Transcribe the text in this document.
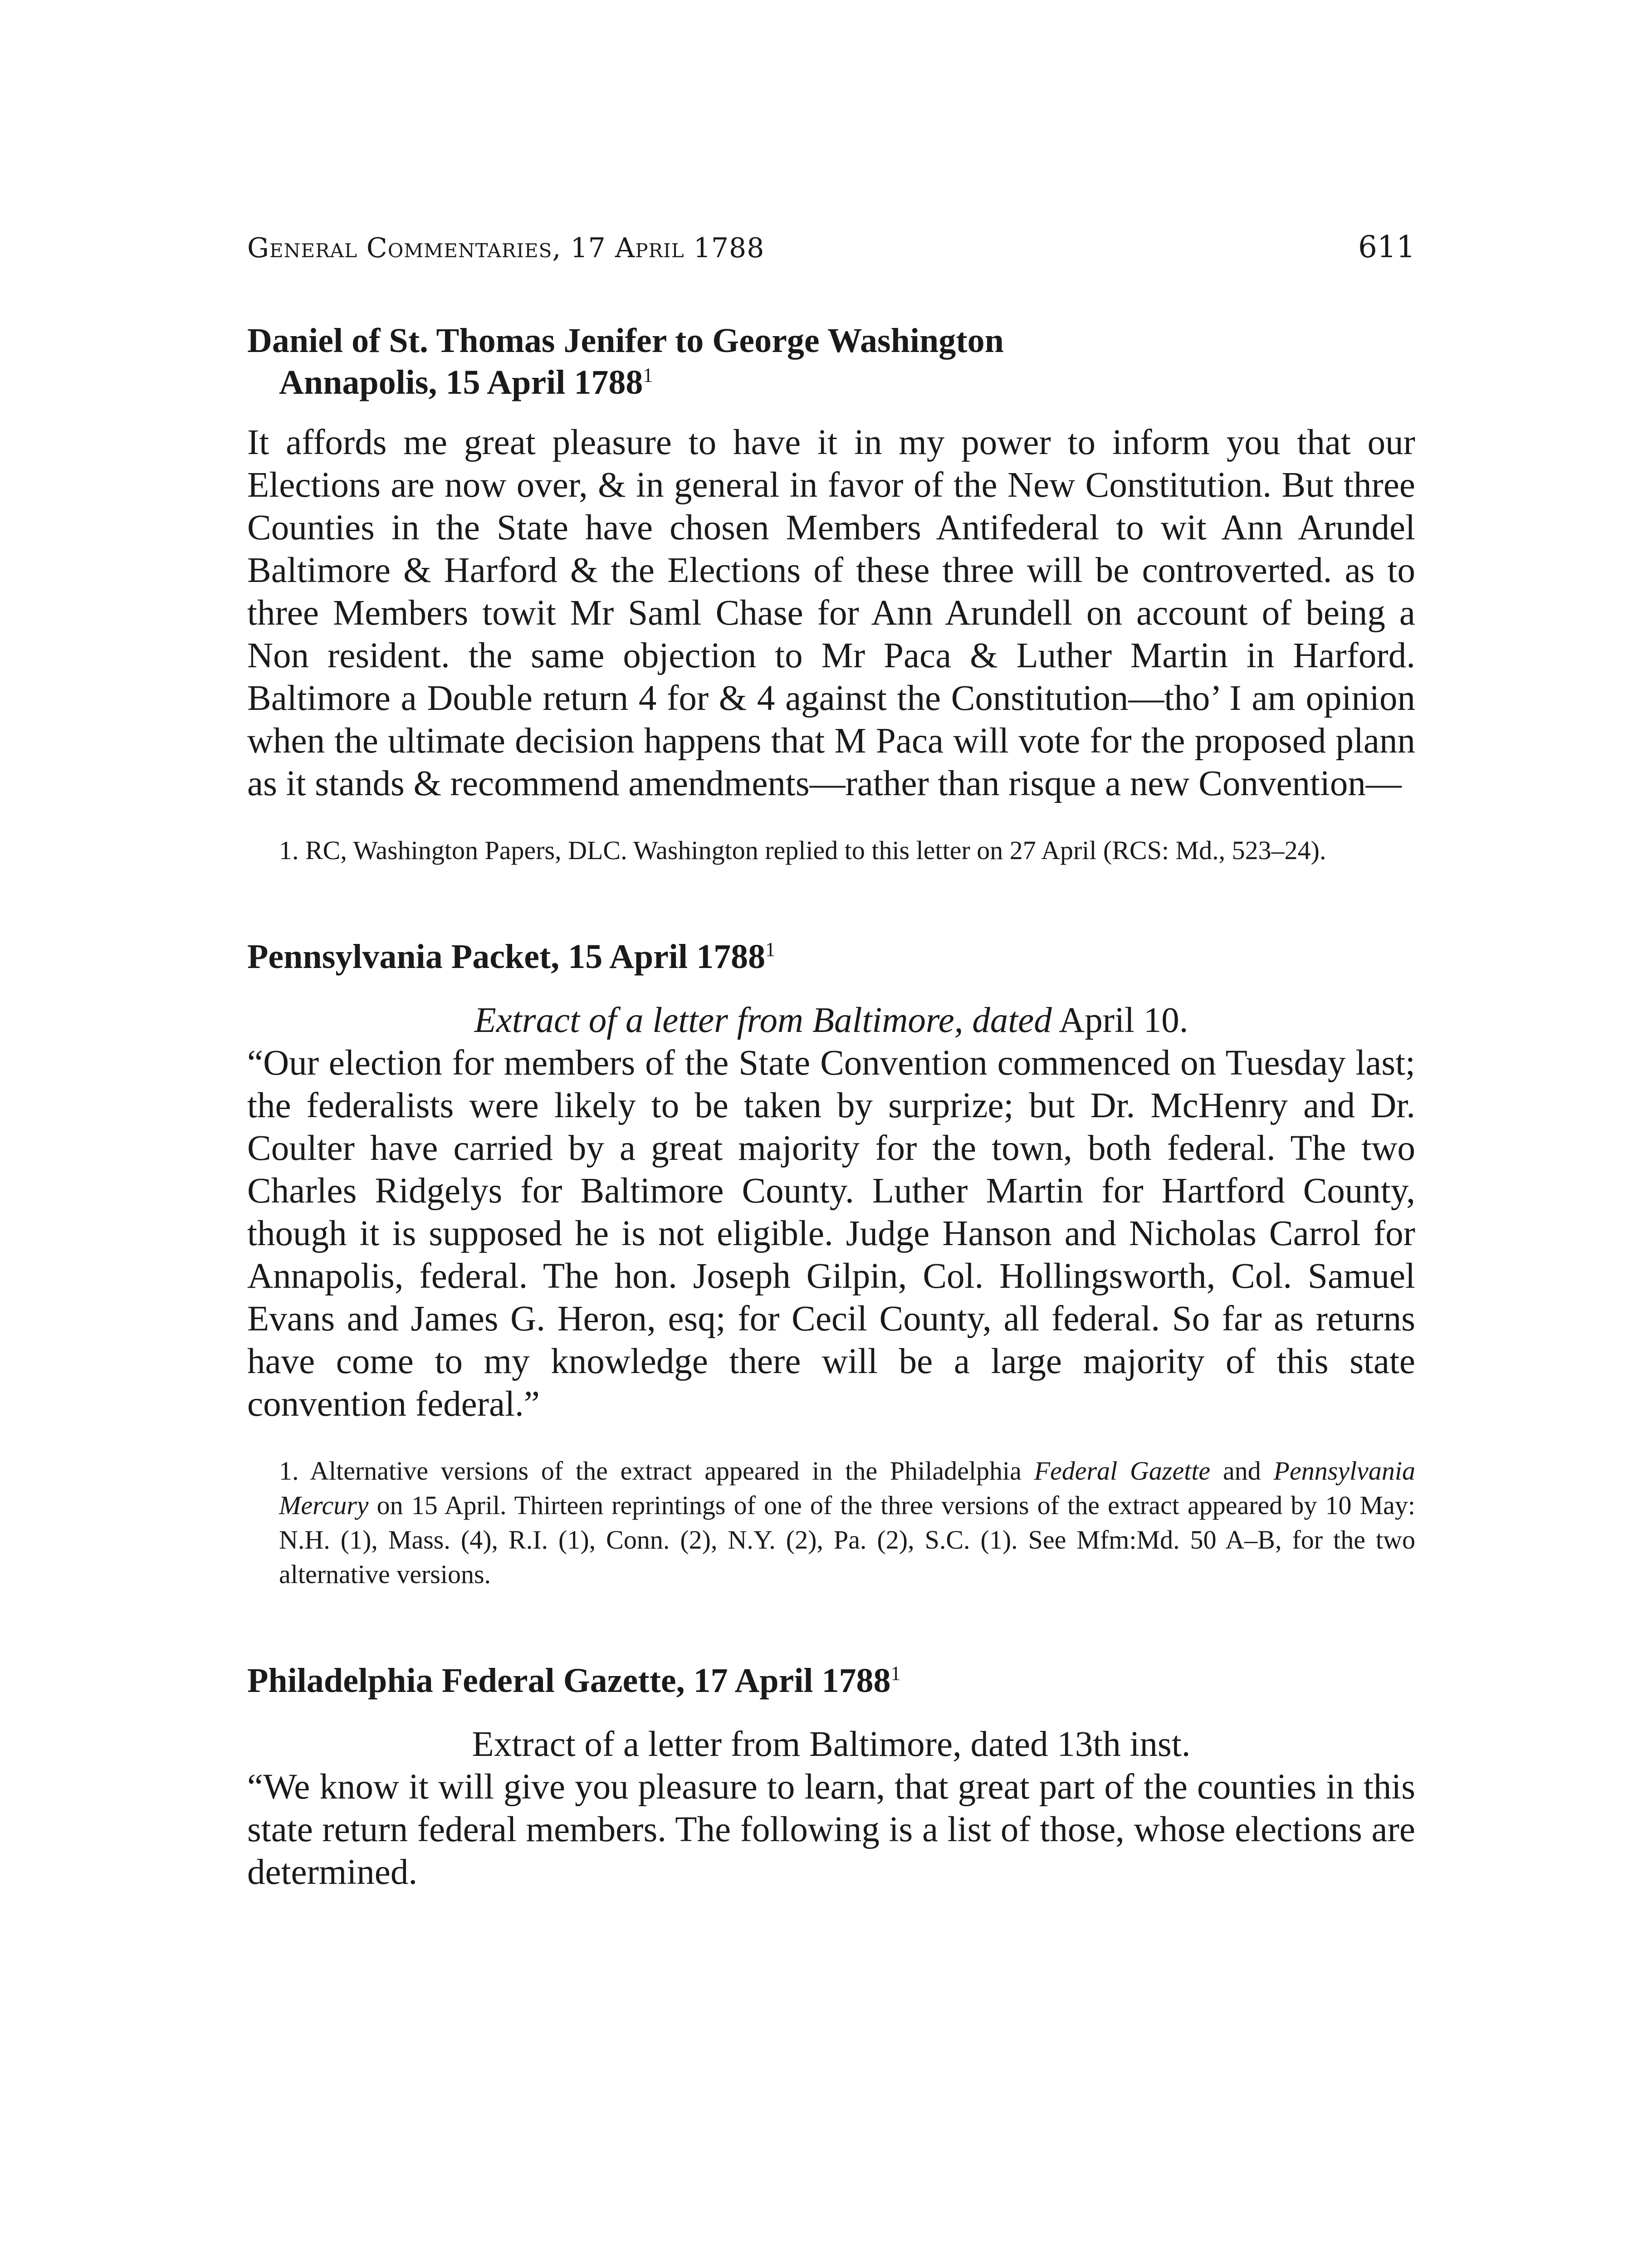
General Commentaries, 17 April 1788	611
Daniel of St. Thomas Jenifer to George Washington
Annapolis, 15 April 1788$^1$

It affords me great pleasure to have it in my power to inform you that our Elections are now over, & in general in favor of the New Constitution. But three Counties in the State have chosen Members Antifederal to wit Ann Arundel Baltimore & Harford & the Elections of these three will be controverted. as to three Members towit Mr Saml Chase for Ann Arundell on account of being a Non resident. the same objection to Mr Paca & Luther Martin in Harford. Baltimore a Double return 4 for & 4 against the Constitution—tho’ I am opinion when the ultimate decision happens that M Paca will vote for the proposed plann as it stands & recommend amendments—rather than risque a new Convention—

1. RC, Washington Papers, DLC. Washington replied to this letter on 27 April (RCS: Md., 523–24).
Pennsylvania Packet, 15 April 1788$^1$
Extract of a letter from Baltimore, dated April 10.

“Our election for members of the State Convention commenced on Tuesday last; the federalists were likely to be taken by surprize; but Dr. McHenry and Dr. Coulter have carried by a great majority for the town, both federal. The two Charles Ridgelys for Baltimore County. Luther Martin for Hartford County, though it is supposed he is not eligible. Judge Hanson and Nicholas Carrol for Annapolis, federal. The hon. Joseph Gilpin, Col. Hollingsworth, Col. Samuel Evans and James G. Heron, esq; for Cecil County, all federal. So far as returns have come to my knowledge there will be a large majority of this state convention federal.”

1. Alternative versions of the extract appeared in the Philadelphia Federal Gazette and Pennsylvania Mercury on 15 April. Thirteen reprintings of one of the three versions of the extract appeared by 10 May: N.H. (1), Mass. (4), R.I. (1), Conn. (2), N.Y. (2), Pa. (2), S.C. (1). See Mfm:Md. 50 A–B, for the two alternative versions.
Philadelphia Federal Gazette, 17 April 1788$^1$
Extract of a letter from Baltimore, dated 13th inst.

“We know it will give you pleasure to learn, that great part of the counties in this state return federal members. The following is a list of those, whose elections are determined.
